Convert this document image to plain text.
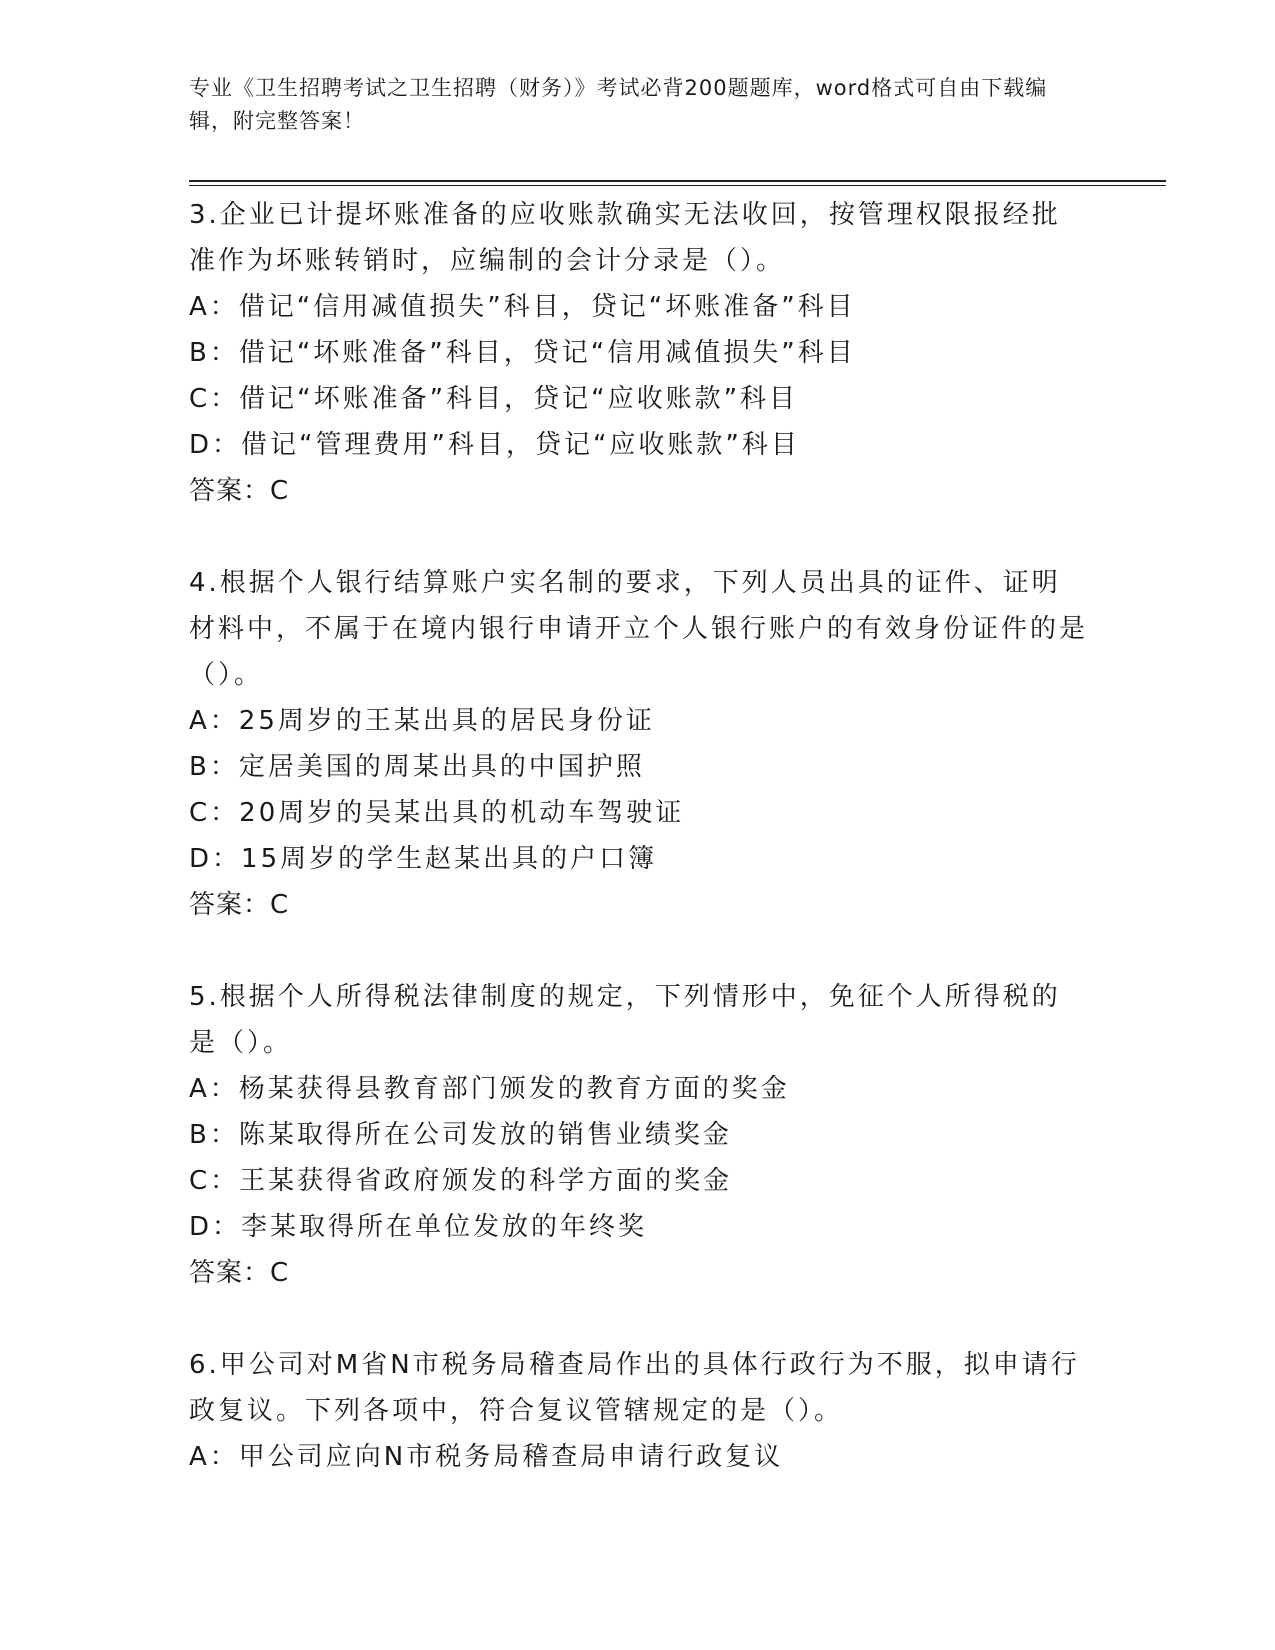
专业《卫生招聘考试之卫生招聘（财务）》考试必背200题题库，word格式可自由下载编辑，附完整答案！

3.企业已计提坏账准备的应收账款确实无法收回，按管理权限报经批准作为坏账转销时，应编制的会计分录是（）。

A：借记“信用减值损失”科目，贷记“坏账准备”科目

B：借记“坏账准备”科目，贷记“信用减值损失”科目

C：借记“坏账准备”科目，贷记“应收账款”科目

D：借记“管理费用”科目，贷记“应收账款”科目

答案：C

4.根据个人银行结算账户实名制的要求，下列人员出具的证件、证明材料中，不属于在境内银行申请开立个人银行账户的有效身份证件的是（）。

A：25周岁的王某出具的居民身份证

B：定居美国的周某出具的中国护照

C：20周岁的吴某出具的机动车驾驶证

D：15周岁的学生赵某出具的户口簿

答案：C

5.根据个人所得税法律制度的规定，下列情形中，免征个人所得税的是（）。

A：杨某获得县教育部门颁发的教育方面的奖金

B：陈某取得所在公司发放的销售业绩奖金

C：王某获得省政府颁发的科学方面的奖金

D：李某取得所在单位发放的年终奖

答案：C

6.甲公司对M省N市税务局稽查局作出的具体行政行为不服，拟申请行政复议。下列各项中，符合复议管辖规定的是（）。

A：甲公司应向N市税务局稽查局申请行政复议
